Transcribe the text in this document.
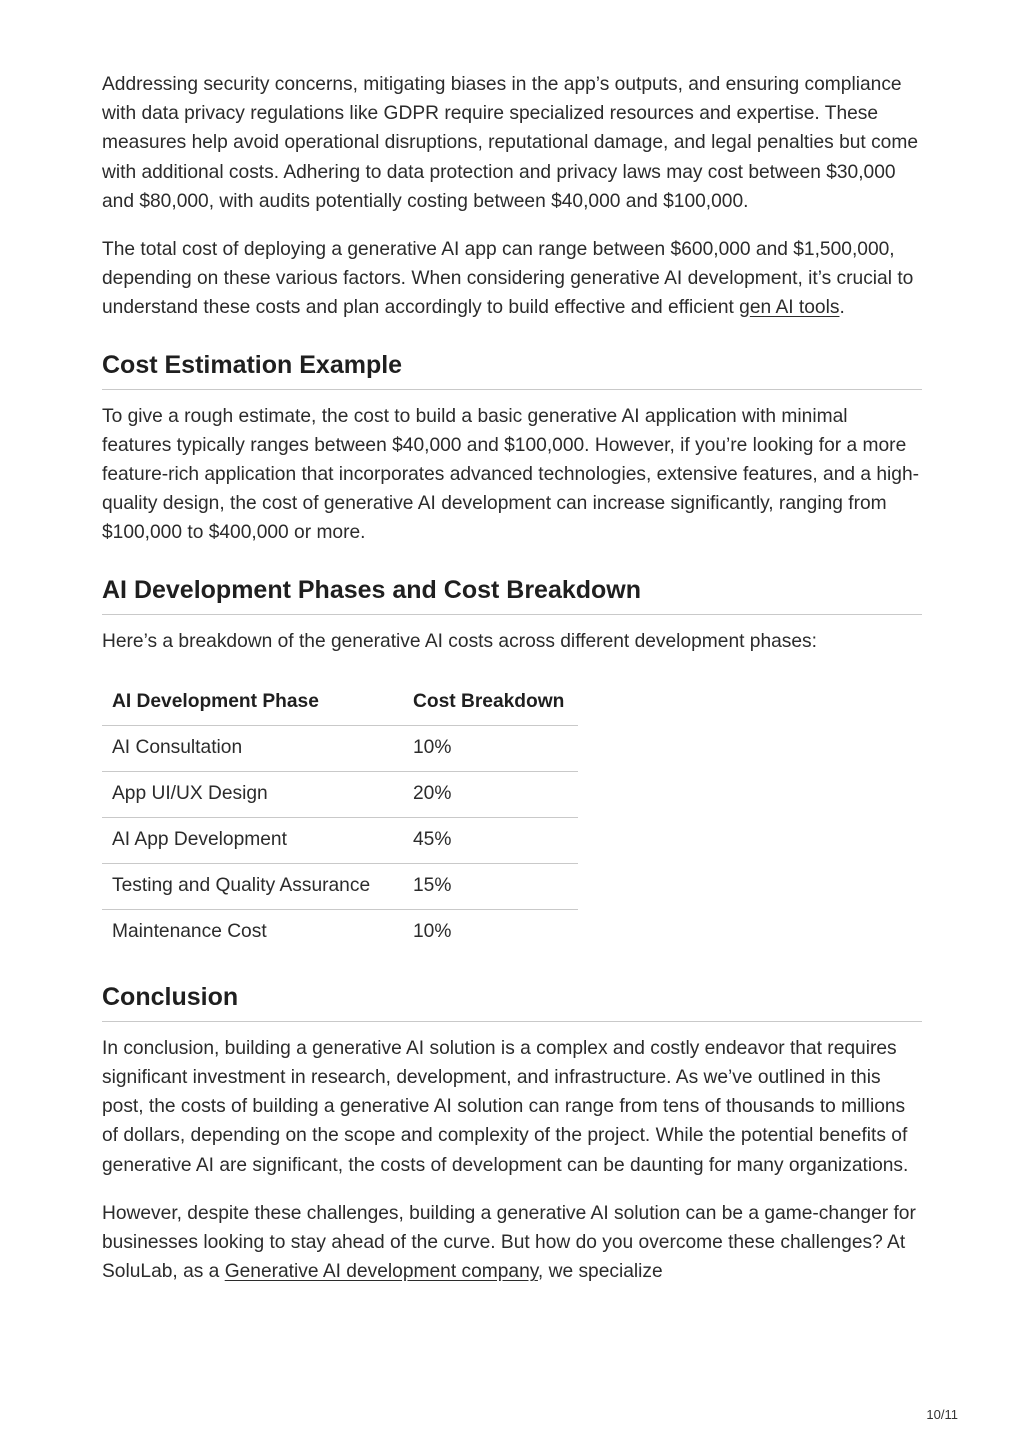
Addressing security concerns, mitigating biases in the app’s outputs, and ensuring compliance with data privacy regulations like GDPR require specialized resources and expertise. These measures help avoid operational disruptions, reputational damage, and legal penalties but come with additional costs. Adhering to data protection and privacy laws may cost between $30,000 and $80,000, with audits potentially costing between $40,000 and $100,000.

The total cost of deploying a generative AI app can range between $600,000 and $1,500,000, depending on these various factors. When considering generative AI development, it’s crucial to understand these costs and plan accordingly to build effective and efficient gen AI tools.

Cost Estimation Example

To give a rough estimate, the cost to build a basic generative AI application with minimal features typically ranges between $40,000 and $100,000. However, if you’re looking for a more feature-rich application that incorporates advanced technologies, extensive features, and a high-quality design, the cost of generative AI development can increase significantly, ranging from $100,000 to $400,000 or more.

AI Development Phases and Cost Breakdown

Here’s a breakdown of the generative AI costs across different development phases:

AI Development Phase	Cost Breakdown
AI Consultation	10%
App UI/UX Design	20%
AI App Development	45%
Testing and Quality Assurance	15%
Maintenance Cost	10%
Conclusion

In conclusion, building a generative AI solution is a complex and costly endeavor that requires significant investment in research, development, and infrastructure. As we’ve outlined in this post, the costs of building a generative AI solution can range from tens of thousands to millions of dollars, depending on the scope and complexity of the project. While the potential benefits of generative AI are significant, the costs of development can be daunting for many organizations.

However, despite these challenges, building a generative AI solution can be a game-changer for businesses looking to stay ahead of the curve. But how do you overcome these challenges? At SoluLab, as a Generative AI development company, we specialize

10/11
